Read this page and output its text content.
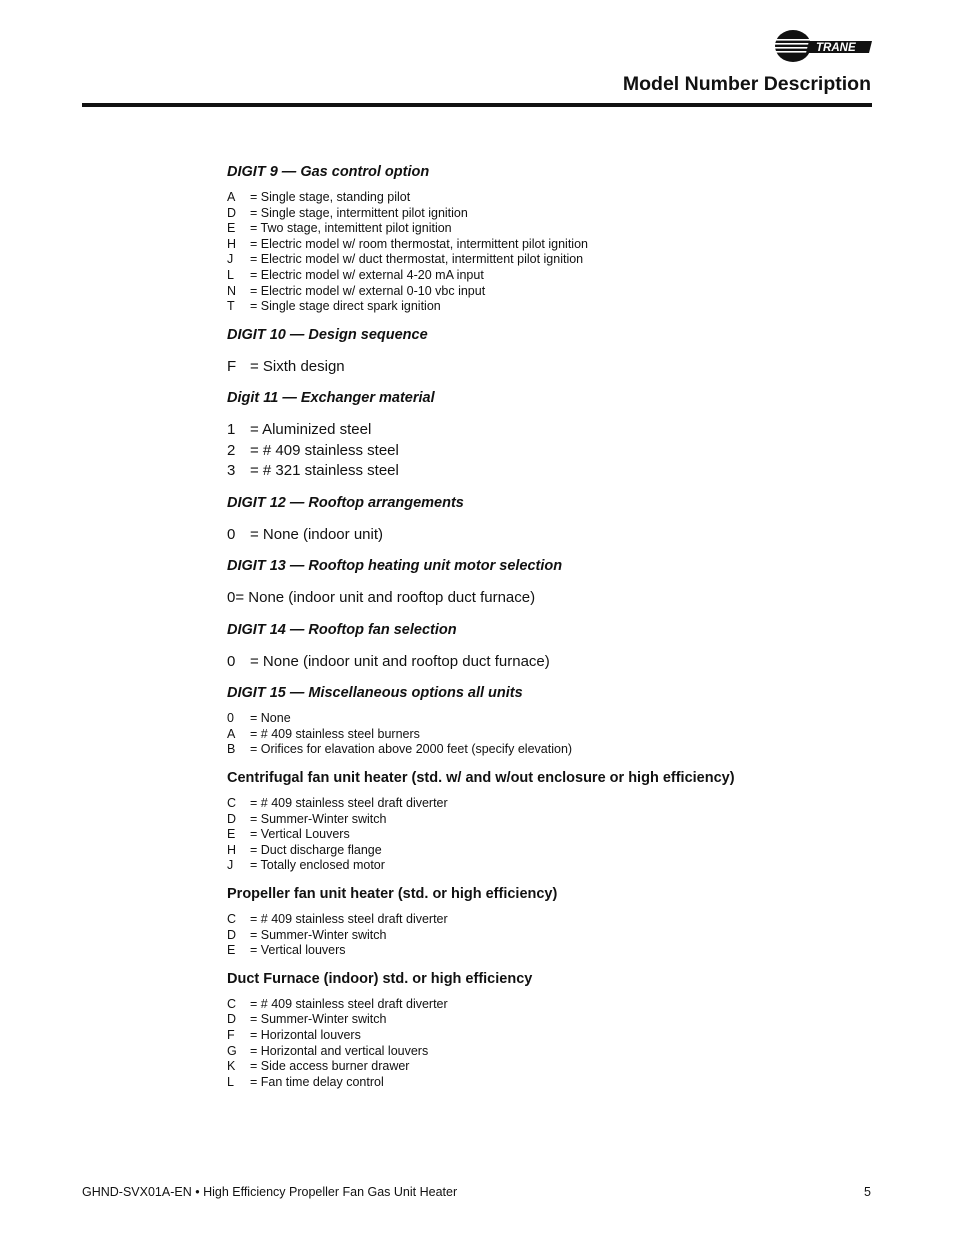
TRANE
Model Number Description
DIGIT 9 — Gas control option
A	= Single stage, standing pilot
D	= Single stage, intermittent pilot ignition
E	= Two stage, intemittent pilot ignition
H	= Electric model w/ room thermostat, intermittent pilot ignition
J	= Electric model w/ duct thermostat, intermittent pilot ignition
L	= Electric model w/ external 4-20 mA input
N	= Electric model w/ external 0-10 vbc input
T	= Single stage direct spark ignition
DIGIT 10 — Design sequence
F = Sixth design
Digit 11 — Exchanger material
1 = Aluminized steel
2 = # 409 stainless steel
3 = # 321 stainless steel
DIGIT 12 — Rooftop arrangements
0 = None (indoor unit)
DIGIT 13 — Rooftop heating unit motor selection
0= None (indoor unit and rooftop duct furnace)
DIGIT 14 — Rooftop fan selection
0 = None (indoor unit and rooftop duct furnace)
DIGIT 15 — Miscellaneous options all units
0	= None
A	= # 409 stainless steel burners
B	= Orifices for elavation above 2000 feet (specify elevation)
Centrifugal fan unit heater (std. w/ and w/out enclosure or high efficiency)
C	= # 409 stainless steel draft diverter
D	= Summer-Winter switch
E	= Vertical Louvers
H	= Duct discharge flange
J	= Totally enclosed motor
Propeller fan unit heater (std. or high efficiency)
C	= # 409 stainless steel draft diverter
D	= Summer-Winter switch
E	= Vertical louvers
Duct Furnace (indoor) std. or high efficiency
C	= # 409 stainless steel draft diverter
D	= Summer-Winter switch
F	= Horizontal louvers
G	= Horizontal and vertical louvers
K	= Side access burner drawer
L	= Fan time delay control
GHND-SVX01A-EN • High Efficiency Propeller Fan Gas Unit Heater	5
